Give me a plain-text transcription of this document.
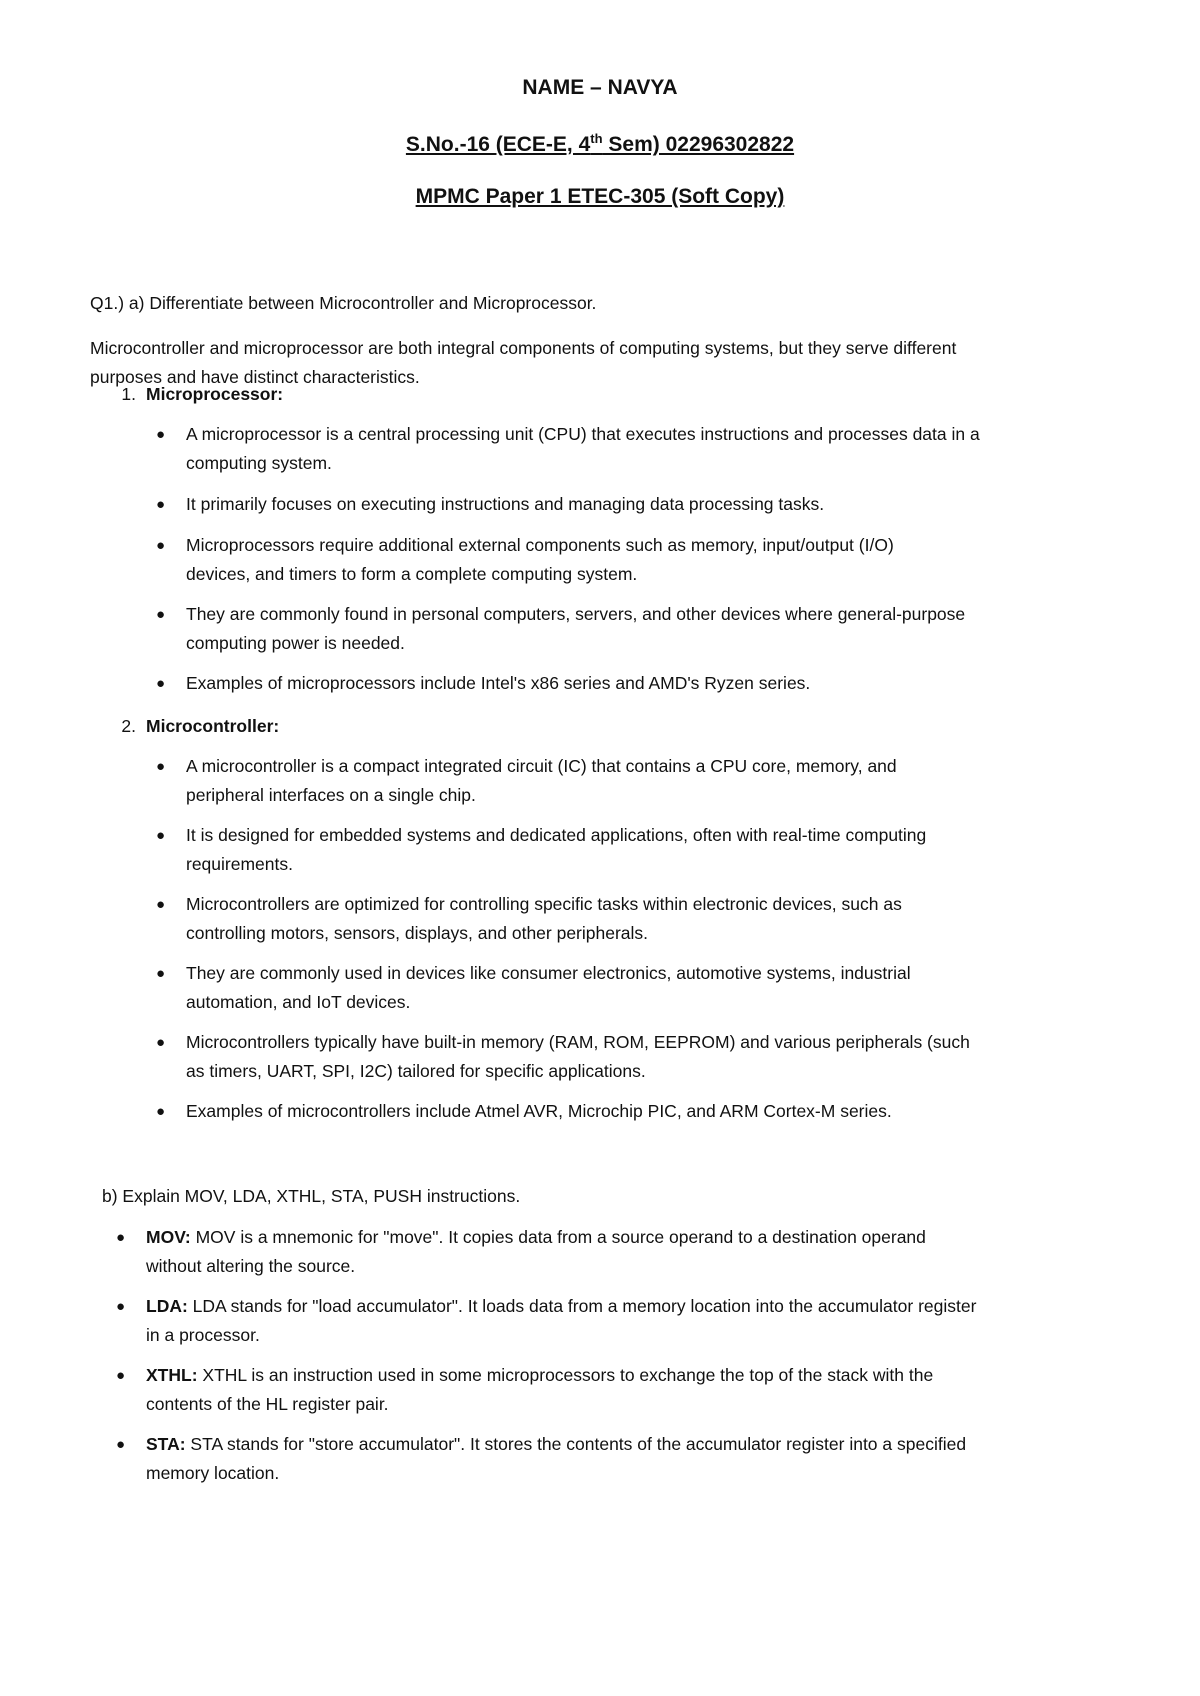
NAME – NAVYA
S.No.-16 (ECE-E, 4th Sem) 02296302822
MPMC Paper 1 ETEC-305 (Soft Copy)
Q1.) a) Differentiate between Microcontroller and Microprocessor.
Microcontroller and microprocessor are both integral components of computing systems, but they serve different
purposes and have distinct characteristics.
1. Microprocessor:
● A microprocessor is a central processing unit (CPU) that executes instructions and processes data in a
computing system.
● It primarily focuses on executing instructions and managing data processing tasks.
● Microprocessors require additional external components such as memory, input/output (I/O)
devices, and timers to form a complete computing system.
● They are commonly found in personal computers, servers, and other devices where general-purpose
computing power is needed.
● Examples of microprocessors include Intel's x86 series and AMD's Ryzen series.
2. Microcontroller:
● A microcontroller is a compact integrated circuit (IC) that contains a CPU core, memory, and
peripheral interfaces on a single chip.
● It is designed for embedded systems and dedicated applications, often with real-time computing
requirements.
● Microcontrollers are optimized for controlling specific tasks within electronic devices, such as
controlling motors, sensors, displays, and other peripherals.
● They are commonly used in devices like consumer electronics, automotive systems, industrial
automation, and IoT devices.
● Microcontrollers typically have built-in memory (RAM, ROM, EEPROM) and various peripherals (such
as timers, UART, SPI, I2C) tailored for specific applications.
● Examples of microcontrollers include Atmel AVR, Microchip PIC, and ARM Cortex-M series.
b) Explain MOV, LDA, XTHL, STA, PUSH instructions.
● MOV: MOV is a mnemonic for "move". It copies data from a source operand to a destination operand
without altering the source.
● LDA: LDA stands for "load accumulator". It loads data from a memory location into the accumulator register
in a processor.
● XTHL: XTHL is an instruction used in some microprocessors to exchange the top of the stack with the
contents of the HL register pair.
● STA: STA stands for "store accumulator". It stores the contents of the accumulator register into a specified
memory location.
